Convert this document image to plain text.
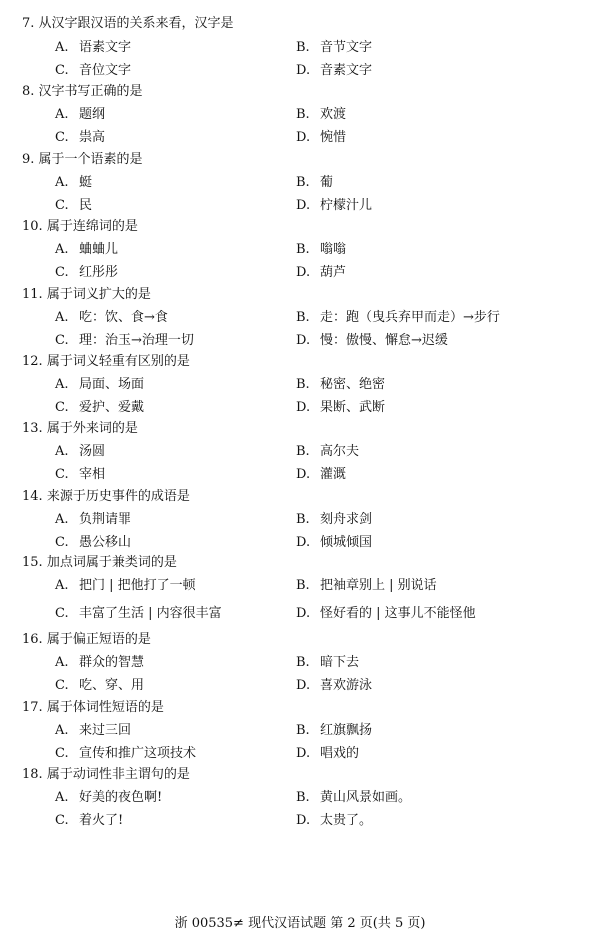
7. 从汉字跟汉语的关系来看，汉字是
A. 语素文字	B. 音节文字
C. 音位文字	D. 音素文字
8. 汉字书写正确的是
A. 题纲	B. 欢渡
C. 祟高	D. 惋惜
9. 属于一个语素的是
A. 蜓	B. 葡
C. 民	D. 柠檬汁儿
10. 属于连绵词的是
A. 蛐蛐儿	B. 嗡嗡
C. 红彤彤	D. 葫芦
11. 属于词义扩大的是
A. 吃：饮、食→食	B. 走：跑（曳兵弃甲而走）→步行
C. 理：治玉→治理一切	D. 慢：傲慢、懈怠→迟缓
12. 属于词义轻重有区别的是
A. 局面、场面	B. 秘密、绝密
C. 爱护、爱戴	D. 果断、武断
13. 属于外来词的是
A. 汤圆	B. 高尔夫
C. 宰相	D. 灌溉
14. 来源于历史事件的成语是
A. 负荆请罪	B. 刻舟求剑
C. 愚公移山	D. 倾城倾国
15. 加点词属于兼类词的是
A. 把门 | 把他打了一顿	B. 把袖章别上 | 别说话
C. 丰富了生活 | 内容很丰富	D. 怪好看的 | 这事儿不能怪他
16. 属于偏正短语的是
A. 群众的智慧	B. 暗下去
C. 吃、穿、用	D. 喜欢游泳
17. 属于体词性短语的是
A. 来过三回	B. 红旗飘扬
C. 宣传和推广这项技术	D. 唱戏的
18. 属于动词性非主谓句的是
A. 好美的夜色啊!	B. 黄山风景如画。
C. 着火了!	D. 太贵了。
浙 00535≠ 现代汉语试题 第 2 页(共 5 页)
